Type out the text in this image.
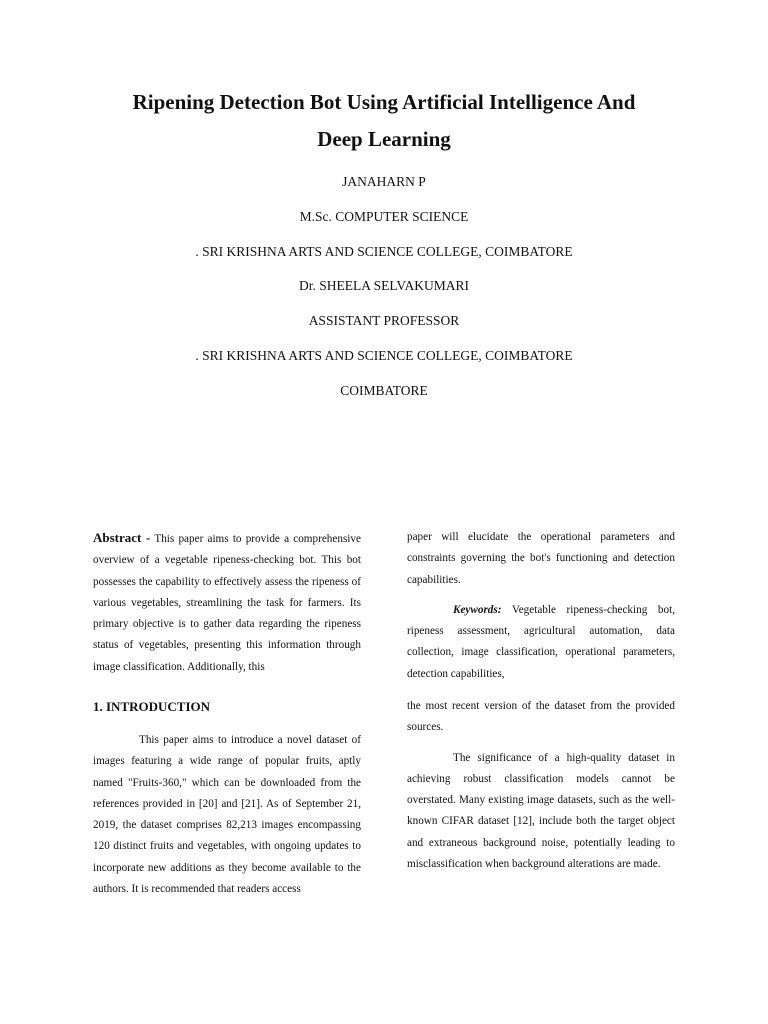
Ripening Detection Bot Using Artificial Intelligence And
Deep Learning
JANAHARN P
M.Sc. COMPUTER SCIENCE
. SRI KRISHNA ARTS AND SCIENCE COLLEGE, COIMBATORE
Dr. SHEELA SELVAKUMARI
ASSISTANT PROFESSOR
. SRI KRISHNA ARTS AND SCIENCE COLLEGE, COIMBATORE
COIMBATORE

Abstract - This paper aims to provide a comprehensive overview of a vegetable ripeness-checking bot. This bot possesses the capability to effectively assess the ripeness of various vegetables, streamlining the task for farmers. Its primary objective is to gather data regarding the ripeness status of vegetables, presenting this information through image classification. Additionally, this

paper will elucidate the operational parameters and constraints governing the bot's functioning and detection capabilities.

Keywords: Vegetable ripeness-checking bot, ripeness assessment, agricultural automation, data collection, image classification, operational parameters, detection capabilities,

1. INTRODUCTION

This paper aims to introduce a novel dataset of images featuring a wide range of popular fruits, aptly named "Fruits-360," which can be downloaded from the references provided in [20] and [21]. As of September 21, 2019, the dataset comprises 82,213 images encompassing 120 distinct fruits and vegetables, with ongoing updates to incorporate new additions as they become available to the authors. It is recommended that readers access

the most recent version of the dataset from the provided sources.

The significance of a high-quality dataset in achieving robust classification models cannot be overstated. Many existing image datasets, such as the well-known CIFAR dataset [12], include both the target object and extraneous background noise, potentially leading to misclassification when background alterations are made.
